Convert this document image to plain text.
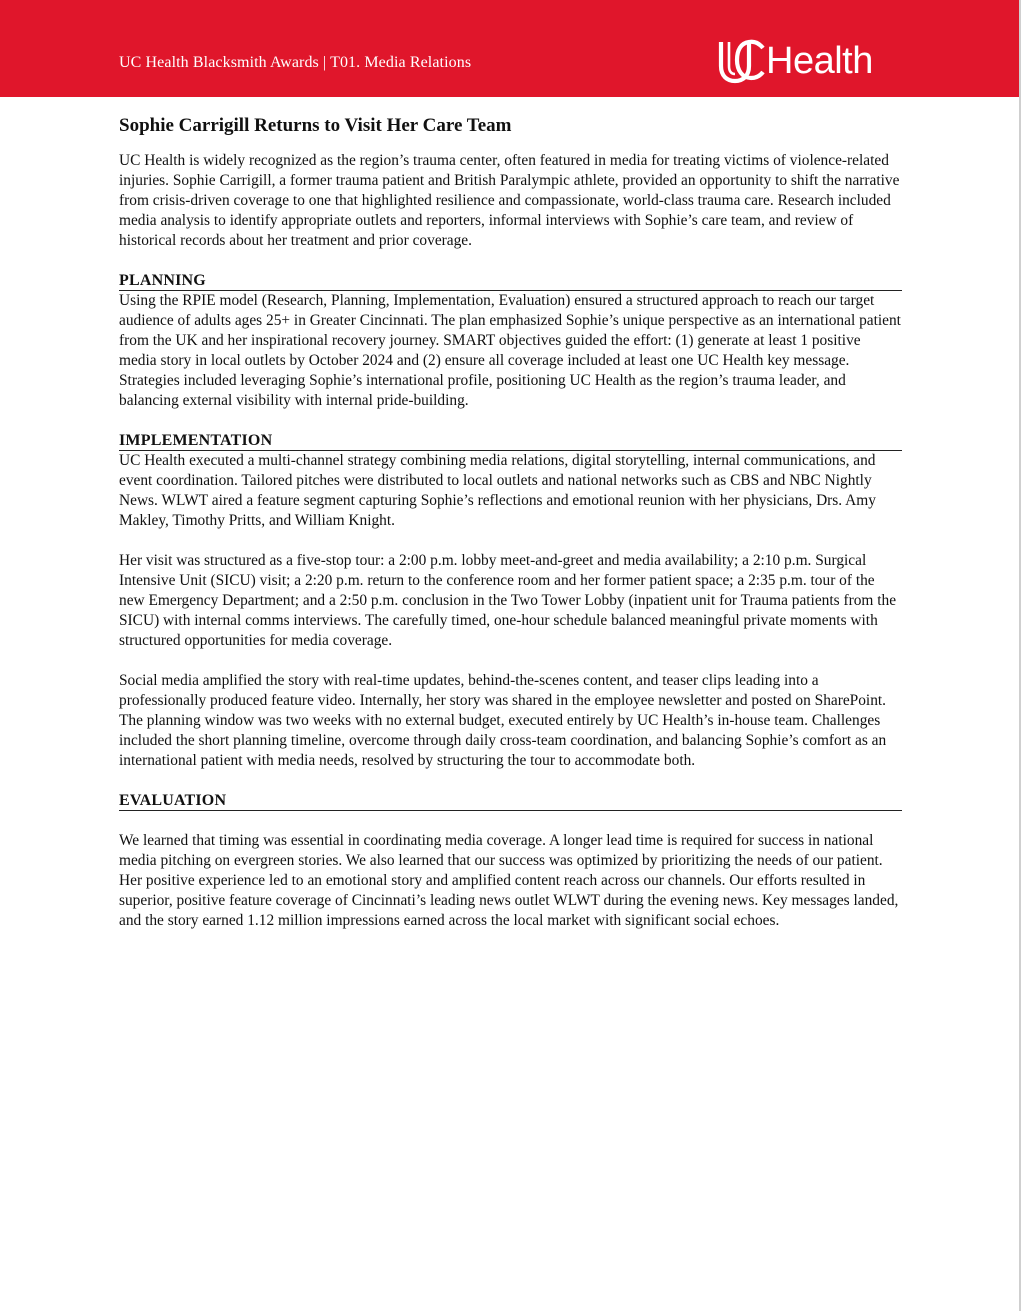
UC Health Blacksmith Awards | T01. Media Relations	Health
Sophie Carrigill Returns to Visit Her Care Team

UC Health is widely recognized as the region’s trauma center, often featured in media for treating victims of violence-related injuries. Sophie Carrigill, a former trauma patient and British Paralympic athlete, provided an opportunity to shift the narrative from crisis-driven coverage to one that highlighted resilience and compassionate, world-class trauma care. Research included media analysis to identify appropriate outlets and reporters, informal interviews with Sophie’s care team, and review of historical records about her treatment and prior coverage.

PLANNING

Using the RPIE model (Research, Planning, Implementation, Evaluation) ensured a structured approach to reach our target audience of adults ages 25+ in Greater Cincinnati. The plan emphasized Sophie’s unique perspective as an international patient from the UK and her inspirational recovery journey. SMART objectives guided the effort: (1) generate at least 1 positive media story in local outlets by October 2024 and (2) ensure all coverage included at least one UC Health key message. Strategies included leveraging Sophie’s international profile, positioning UC Health as the region’s trauma leader, and balancing external visibility with internal pride-building.

IMPLEMENTATION

UC Health executed a multi-channel strategy combining media relations, digital storytelling, internal communications, and event coordination. Tailored pitches were distributed to local outlets and national networks such as CBS and NBC Nightly News. WLWT aired a feature segment capturing Sophie’s reflections and emotional reunion with her physicians, Drs. Amy Makley, Timothy Pritts, and William Knight.

Her visit was structured as a five-stop tour: a 2:00 p.m. lobby meet-and-greet and media availability; a 2:10 p.m. Surgical Intensive Unit (SICU) visit; a 2:20 p.m. return to the conference room and her former patient space; a 2:35 p.m. tour of the new Emergency Department; and a 2:50 p.m. conclusion in the Two Tower Lobby (inpatient unit for Trauma patients from the SICU) with internal comms interviews. The carefully timed, one-hour schedule balanced meaningful private moments with structured opportunities for media coverage.

Social media amplified the story with real-time updates, behind-the-scenes content, and teaser clips leading into a professionally produced feature video. Internally, her story was shared in the employee newsletter and posted on SharePoint. The planning window was two weeks with no external budget, executed entirely by UC Health’s in-house team. Challenges included the short planning timeline, overcome through daily cross-team coordination, and balancing Sophie’s comfort as an international patient with media needs, resolved by structuring the tour to accommodate both.

EVALUATION

We learned that timing was essential in coordinating media coverage. A longer lead time is required for success in national media pitching on evergreen stories. We also learned that our success was optimized by prioritizing the needs of our patient. Her positive experience led to an emotional story and amplified content reach across our channels. Our efforts resulted in superior, positive feature coverage of Cincinnati’s leading news outlet WLWT during the evening news. Key messages landed, and the story earned 1.12 million impressions earned across the local market with significant social echoes.
